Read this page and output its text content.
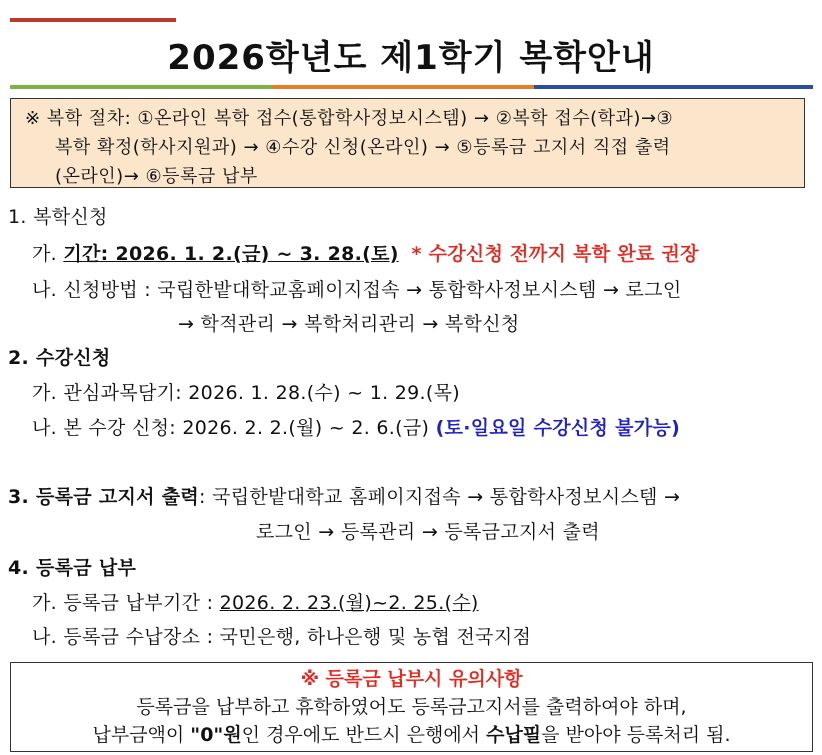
2026학년도 제1학기 복학안내
※ 복학 절차: ①온라인 복학 접수(통합학사정보시스템) → ②복학 접수(학과)→③
복학 확정(학사지원과) → ④수강 신청(온라인) → ⑤등록금 고지서 직접 출력
(온라인)→ ⑥등록금 납부
1. 복학신청
가. 기간: 2026. 1. 2.(금) ~ 3. 28.(토) * 수강신청 전까지 복학 완료 권장
나. 신청방법 : 국립한밭대학교홈페이지접속 → 통합학사정보시스템 → 로그인
→ 학적관리 → 복학처리관리 → 복학신청
2. 수강신청
가. 관심과목담기: 2026. 1. 28.(수) ~ 1. 29.(목)
나. 본 수강 신청: 2026. 2. 2.(월) ~ 2. 6.(금) (토·일요일 수강신청 불가능)
3. 등록금 고지서 출력: 국립한밭대학교 홈페이지접속 → 통합학사정보시스템 →
로그인 → 등록관리 → 등록금고지서 출력
4. 등록금 납부
가. 등록금 납부기간 : 2026. 2. 23.(월)~2. 25.(수)
나. 등록금 수납장소 : 국민은행, 하나은행 및 농협 전국지점
※ 등록금 납부시 유의사항
등록금을 납부하고 휴학하였어도 등록금고지서를 출력하여야 하며,
납부금액이 "0"원인 경우에도 반드시 은행에서 수납필을 받아야 등록처리 됨.
